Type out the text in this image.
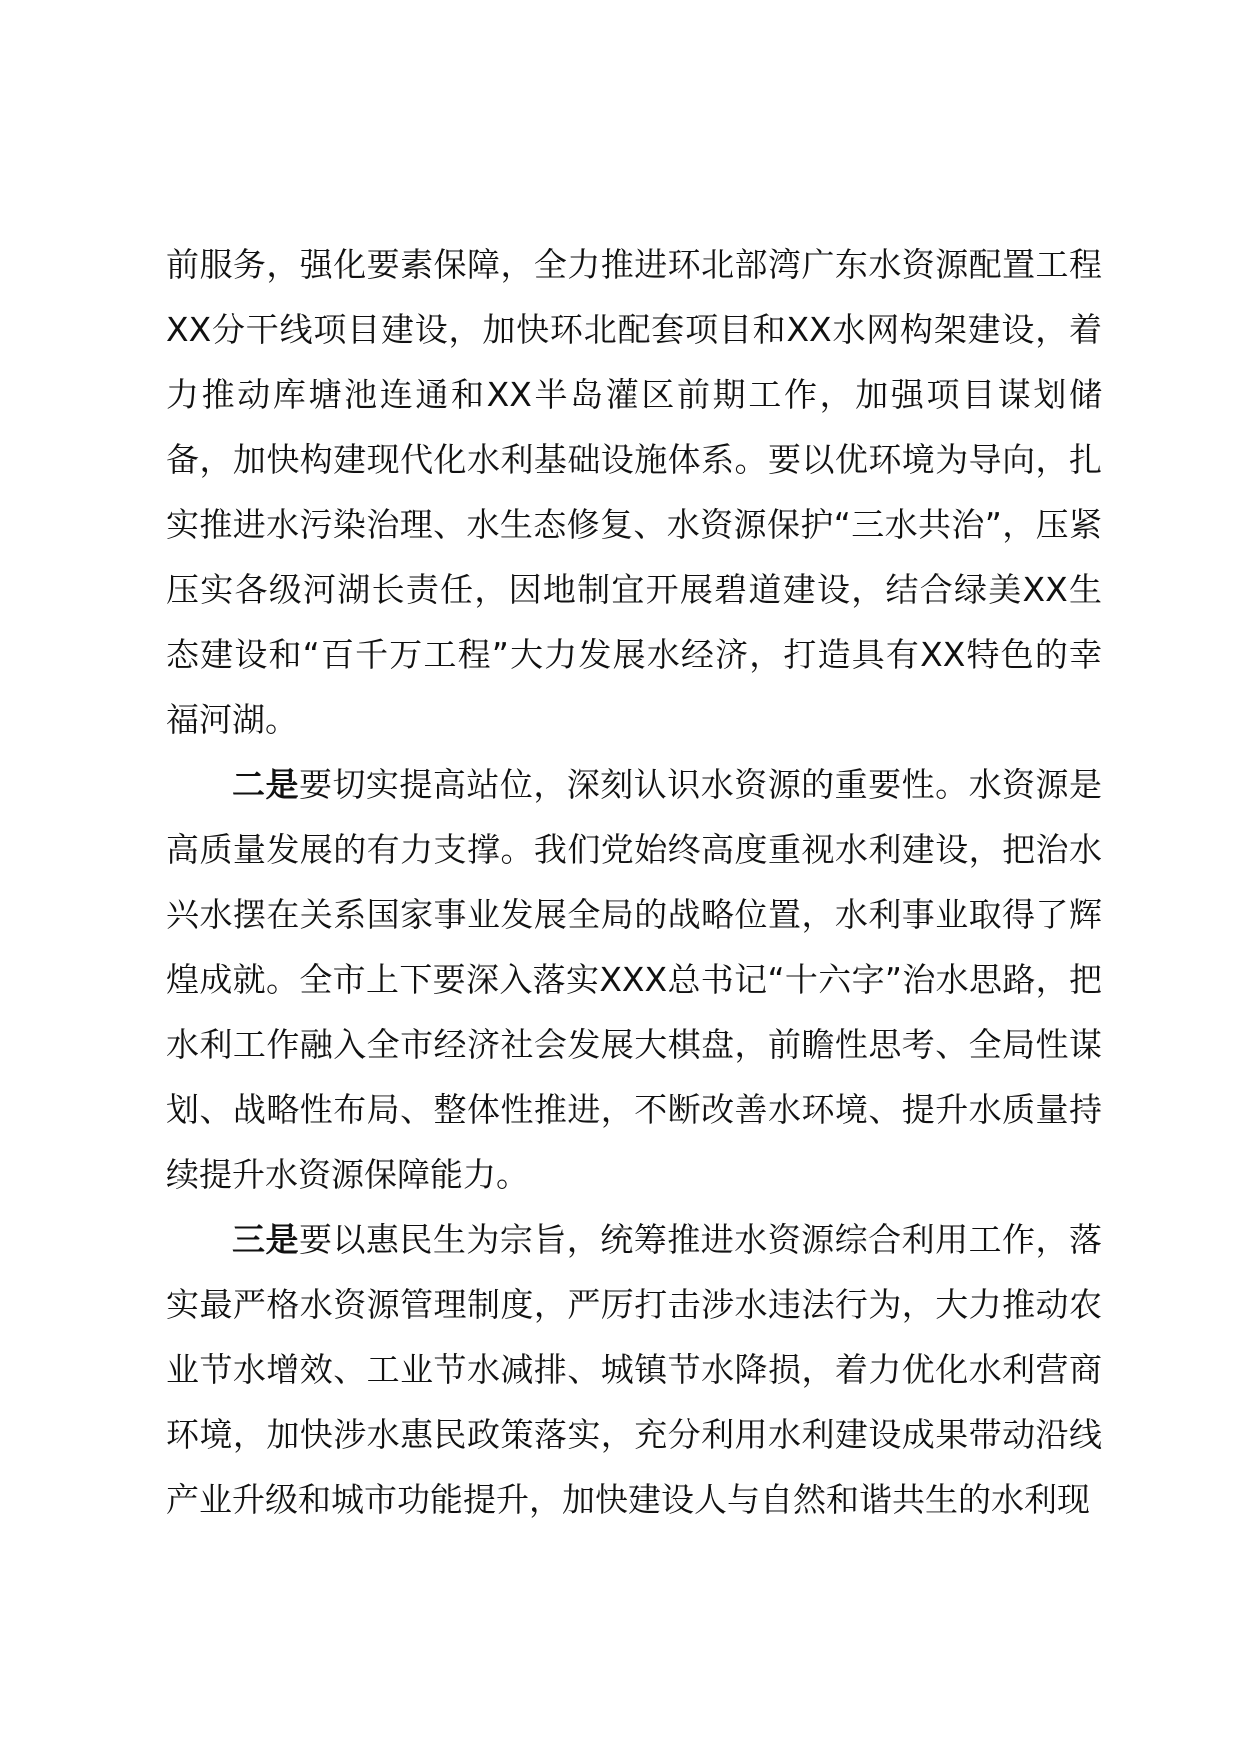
前服务，强化要素保障，全力推进环北部湾广东水资源配置工程XX分干线项目建设，加快环北配套项目和XX水网构架建设，着力推动库塘池连通和XX半岛灌区前期工作，加强项目谋划储备，加快构建现代化水利基础设施体系。要以优环境为导向，扎实推进水污染治理、水生态修复、水资源保护“三水共治”，压紧压实各级河湖长责任，因地制宜开展碧道建设，结合绿美XX生态建设和“百千万工程”大力发展水经济，打造具有XX特色的幸福河湖。

二是要切实提高站位，深刻认识水资源的重要性。水资源是高质量发展的有力支撑。我们党始终高度重视水利建设，把治水兴水摆在关系国家事业发展全局的战略位置，水利事业取得了辉煌成就。全市上下要深入落实XXX总书记“十六字”治水思路，把水利工作融入全市经济社会发展大棋盘，前瞻性思考、全局性谋划、战略性布局、整体性推进，不断改善水环境、提升水质量持续提升水资源保障能力。

三是要以惠民生为宗旨，统筹推进水资源综合利用工作，落实最严格水资源管理制度，严厉打击涉水违法行为，大力推动农业节水增效、工业节水减排、城镇节水降损，着力优化水利营商环境，加快涉水惠民政策落实，充分利用水利建设成果带动沿线产业升级和城市功能提升，加快建设人与自然和谐共生的水利现
